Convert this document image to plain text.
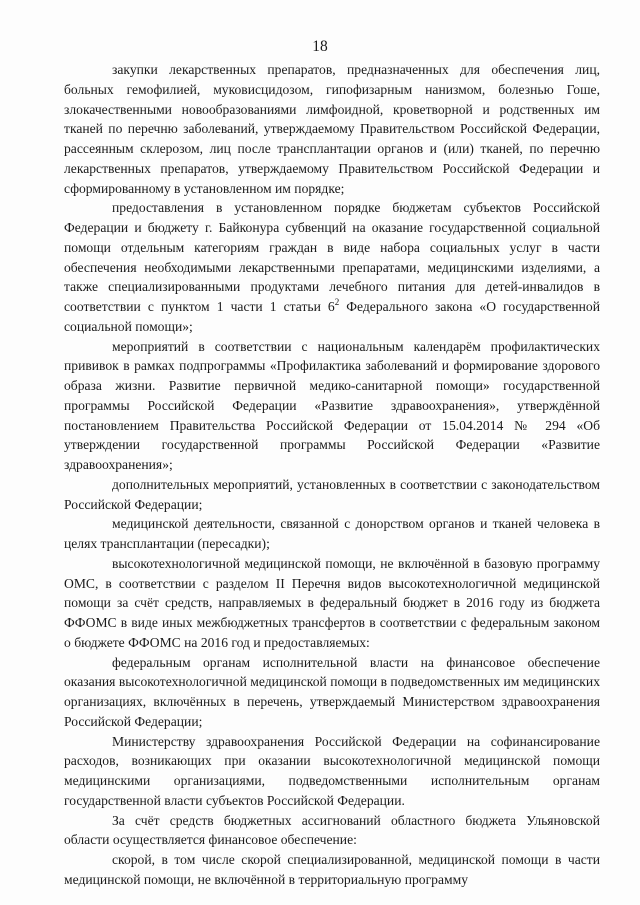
18

закупки лекарственных препаратов, предназначенных для обеспечения лиц, больных гемофилией, муковисцидозом, гипофизарным нанизмом, болезнью Гоше, злокачественными новообразованиями лимфоидной, кроветворной и родственных им тканей по перечню заболеваний, утверждаемому Правительством Российской Федерации, рассеянным склерозом, лиц после трансплантации органов и (или) тканей, по перечню лекарственных препаратов, утверждаемому Правительством Российской Федерации и сформированному в установленном им порядке;

предоставления в установленном порядке бюджетам субъектов Российской Федерации и бюджету г. Байконура субвенций на оказание государственной социальной помощи отдельным категориям граждан в виде набора социальных услуг в части обеспечения необходимыми лекарственными препаратами, медицинскими изделиями, а также специализированными продуктами лечебного питания для детей-инвалидов в соответствии с пунктом 1 части 1 статьи $6^2$ Федерального закона «О государственной социальной помощи»;

мероприятий в соответствии с национальным календарём профилактических прививок в рамках подпрограммы «Профилактика заболеваний и формирование здорового образа жизни. Развитие первичной медико-санитарной помощи» государственной программы Российской Федерации «Развитие здравоохранения», утверждённой постановлением Правительства Российской Федерации от 15.04.2014 № 294 «Об утверждении государственной программы Российской Федерации «Развитие здравоохранения»;

дополнительных мероприятий, установленных в соответствии с законодательством Российской Федерации;

медицинской деятельности, связанной с донорством органов и тканей человека в целях трансплантации (пересадки);

высокотехнологичной медицинской помощи, не включённой в базовую программу ОМС, в соответствии с разделом II Перечня видов высокотехнологичной медицинской помощи за счёт средств, направляемых в федеральный бюджет в 2016 году из бюджета ФФОМС в виде иных межбюджетных трансфертов в соответствии с федеральным законом о бюджете ФФОМС на 2016 год и предоставляемых:

федеральным органам исполнительной власти на финансовое обеспечение оказания высокотехнологичной медицинской помощи в подведомственных им медицинских организациях, включённых в перечень, утверждаемый Министерством здравоохранения Российской Федерации;

Министерству здравоохранения Российской Федерации на софинансирование расходов, возникающих при оказании высокотехнологичной медицинской помощи медицинскими организациями, подведомственными исполнительным органам государственной власти субъектов Российской Федерации.

За счёт средств бюджетных ассигнований областного бюджета Ульяновской области осуществляется финансовое обеспечение:

скорой, в том числе скорой специализированной, медицинской помощи в части медицинской помощи, не включённой в территориальную программу
